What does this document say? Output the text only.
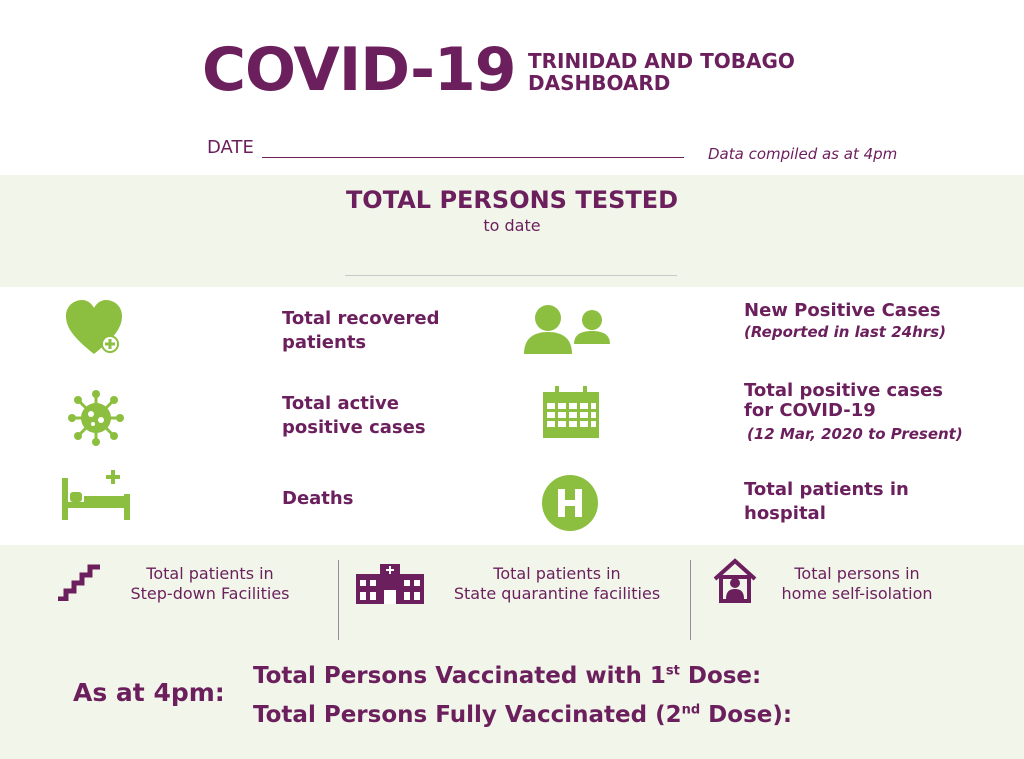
COVID-19 TRINIDAD AND TOBAGO
DASHBOARD
DATE	Data compiled as at 4pm
TOTAL PERSONS TESTED
to date
Total recovered
patients
Total active
positive cases
Deaths
New Positive Cases
(Reported in last 24hrs)
Total positive cases
for COVID-19
(12 Mar, 2020 to Present)
Total patients in
hospital
Total patients in
Step-down Facilities
Total patients in
State quarantine facilities
Total persons in
home self-isolation
As at 4pm:
Total Persons Vaccinated with 1st Dose:
Total Persons Fully Vaccinated (2nd Dose):
